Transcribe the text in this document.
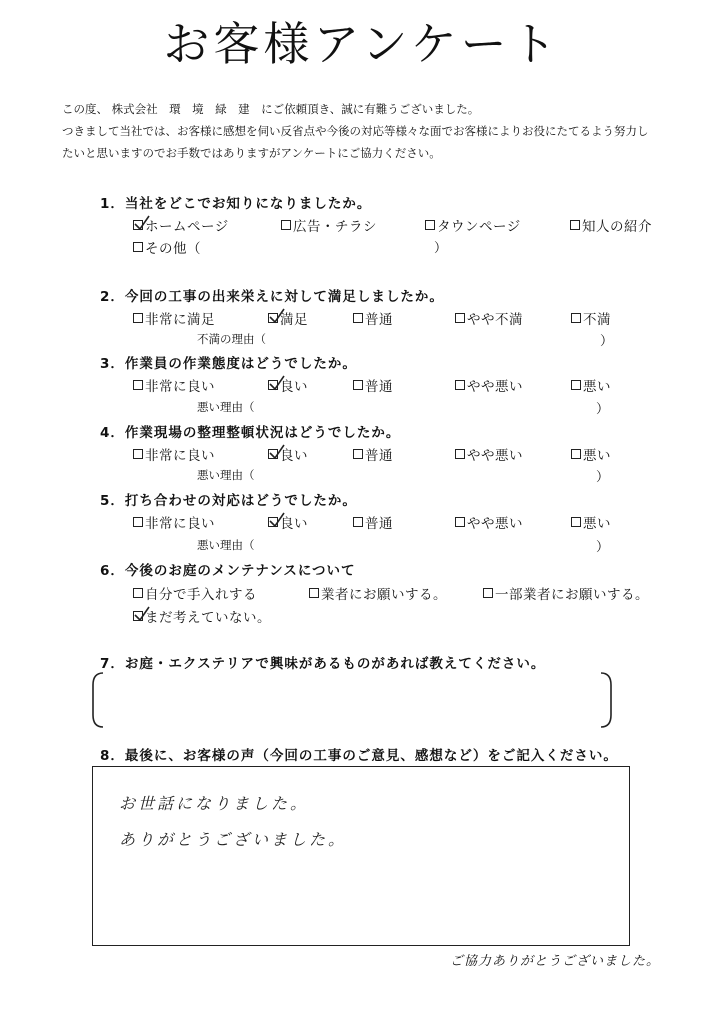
お客様アンケート
この度、 株式会社　環　境　緑　建　にご依頼頂き、誠に有難うございました。
つきまして当社では、お客様に感想を伺い反省点や今後の対応等様々な面でお客様によりお役にたてるよう努力し
たいと思いますのでお手数ではありますがアンケートにご協力ください。
1．当社をどこでお知りになりましたか。
ホームページ	広告・チラシ	タウンページ	知人の紹介
その他（	）
2．今回の工事の出来栄えに対して満足しましたか。
非常に満足	満足	普通	やや不満	不満
不満の理由（	）
3．作業員の作業態度はどうでしたか。
非常に良い	良い	普通	やや悪い	悪い
悪い理由（	）
4．作業現場の整理整頓状況はどうでしたか。
非常に良い	良い	普通	やや悪い	悪い
悪い理由（	）
5．打ち合わせの対応はどうでしたか。
非常に良い	良い	普通	やや悪い	悪い
悪い理由（	）
6．今後のお庭のメンテナンスについて
自分で手入れする	業者にお願いする。	一部業者にお願いする。
まだ考えていない。
7．お庭・エクステリアで興味があるものがあれば教えてください。
8．最後に、お客様の声（今回の工事のご意見、感想など）をご記入ください。
お世話になりました。
ありがとうございました。
ご協力ありがとうございました。
